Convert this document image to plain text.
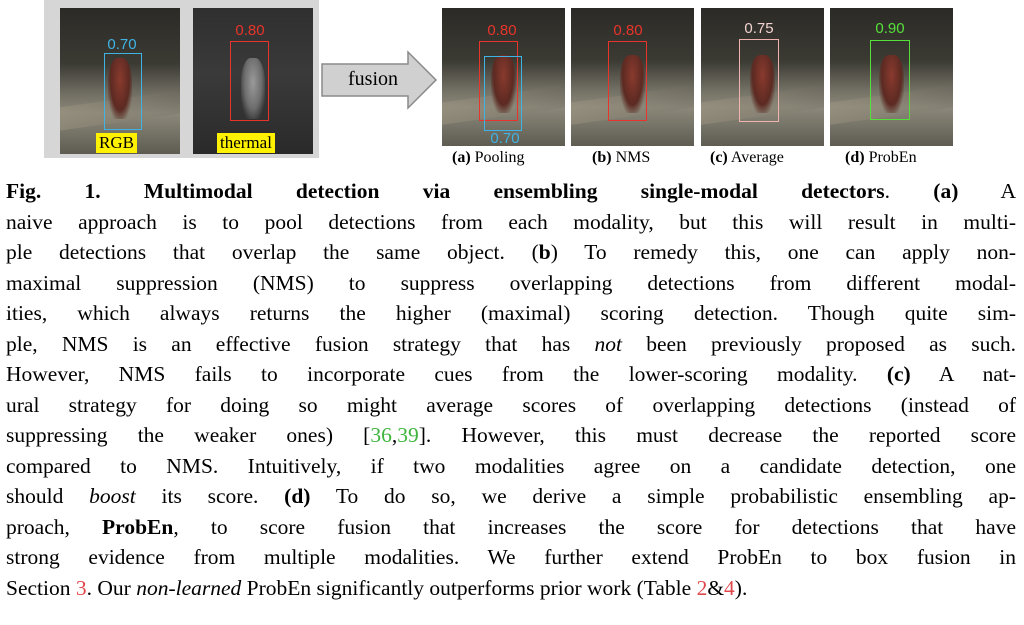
0.70
RGB
0.80
thermal
fusion
0.80
0.70
0.80	0.75	0.90
(a) Pooling	(b) NMS	(c) Average	(d) ProbEn
Fig. 1. Multimodal detection via ensembling single-modal detectors. (a) A
naive approach is to pool detections from each modality, but this will result in multi-
ple detections that overlap the same object. (b) To remedy this, one can apply non-
maximal suppression (NMS) to suppress overlapping detections from different modal-
ities, which always returns the higher (maximal) scoring detection. Though quite sim-
ple, NMS is an effective fusion strategy that has not been previously proposed as such.
However, NMS fails to incorporate cues from the lower-scoring modality. (c) A nat-
ural strategy for doing so might average scores of overlapping detections (instead of
suppressing the weaker ones) [36,39]. However, this must decrease the reported score
compared to NMS. Intuitively, if two modalities agree on a candidate detection, one
should boost its score. (d) To do so, we derive a simple probabilistic ensembling ap-
proach, ProbEn, to score fusion that increases the score for detections that have
strong evidence from multiple modalities. We further extend ProbEn to box fusion in
Section 3. Our non-learned ProbEn significantly outperforms prior work (Table 2&4).
